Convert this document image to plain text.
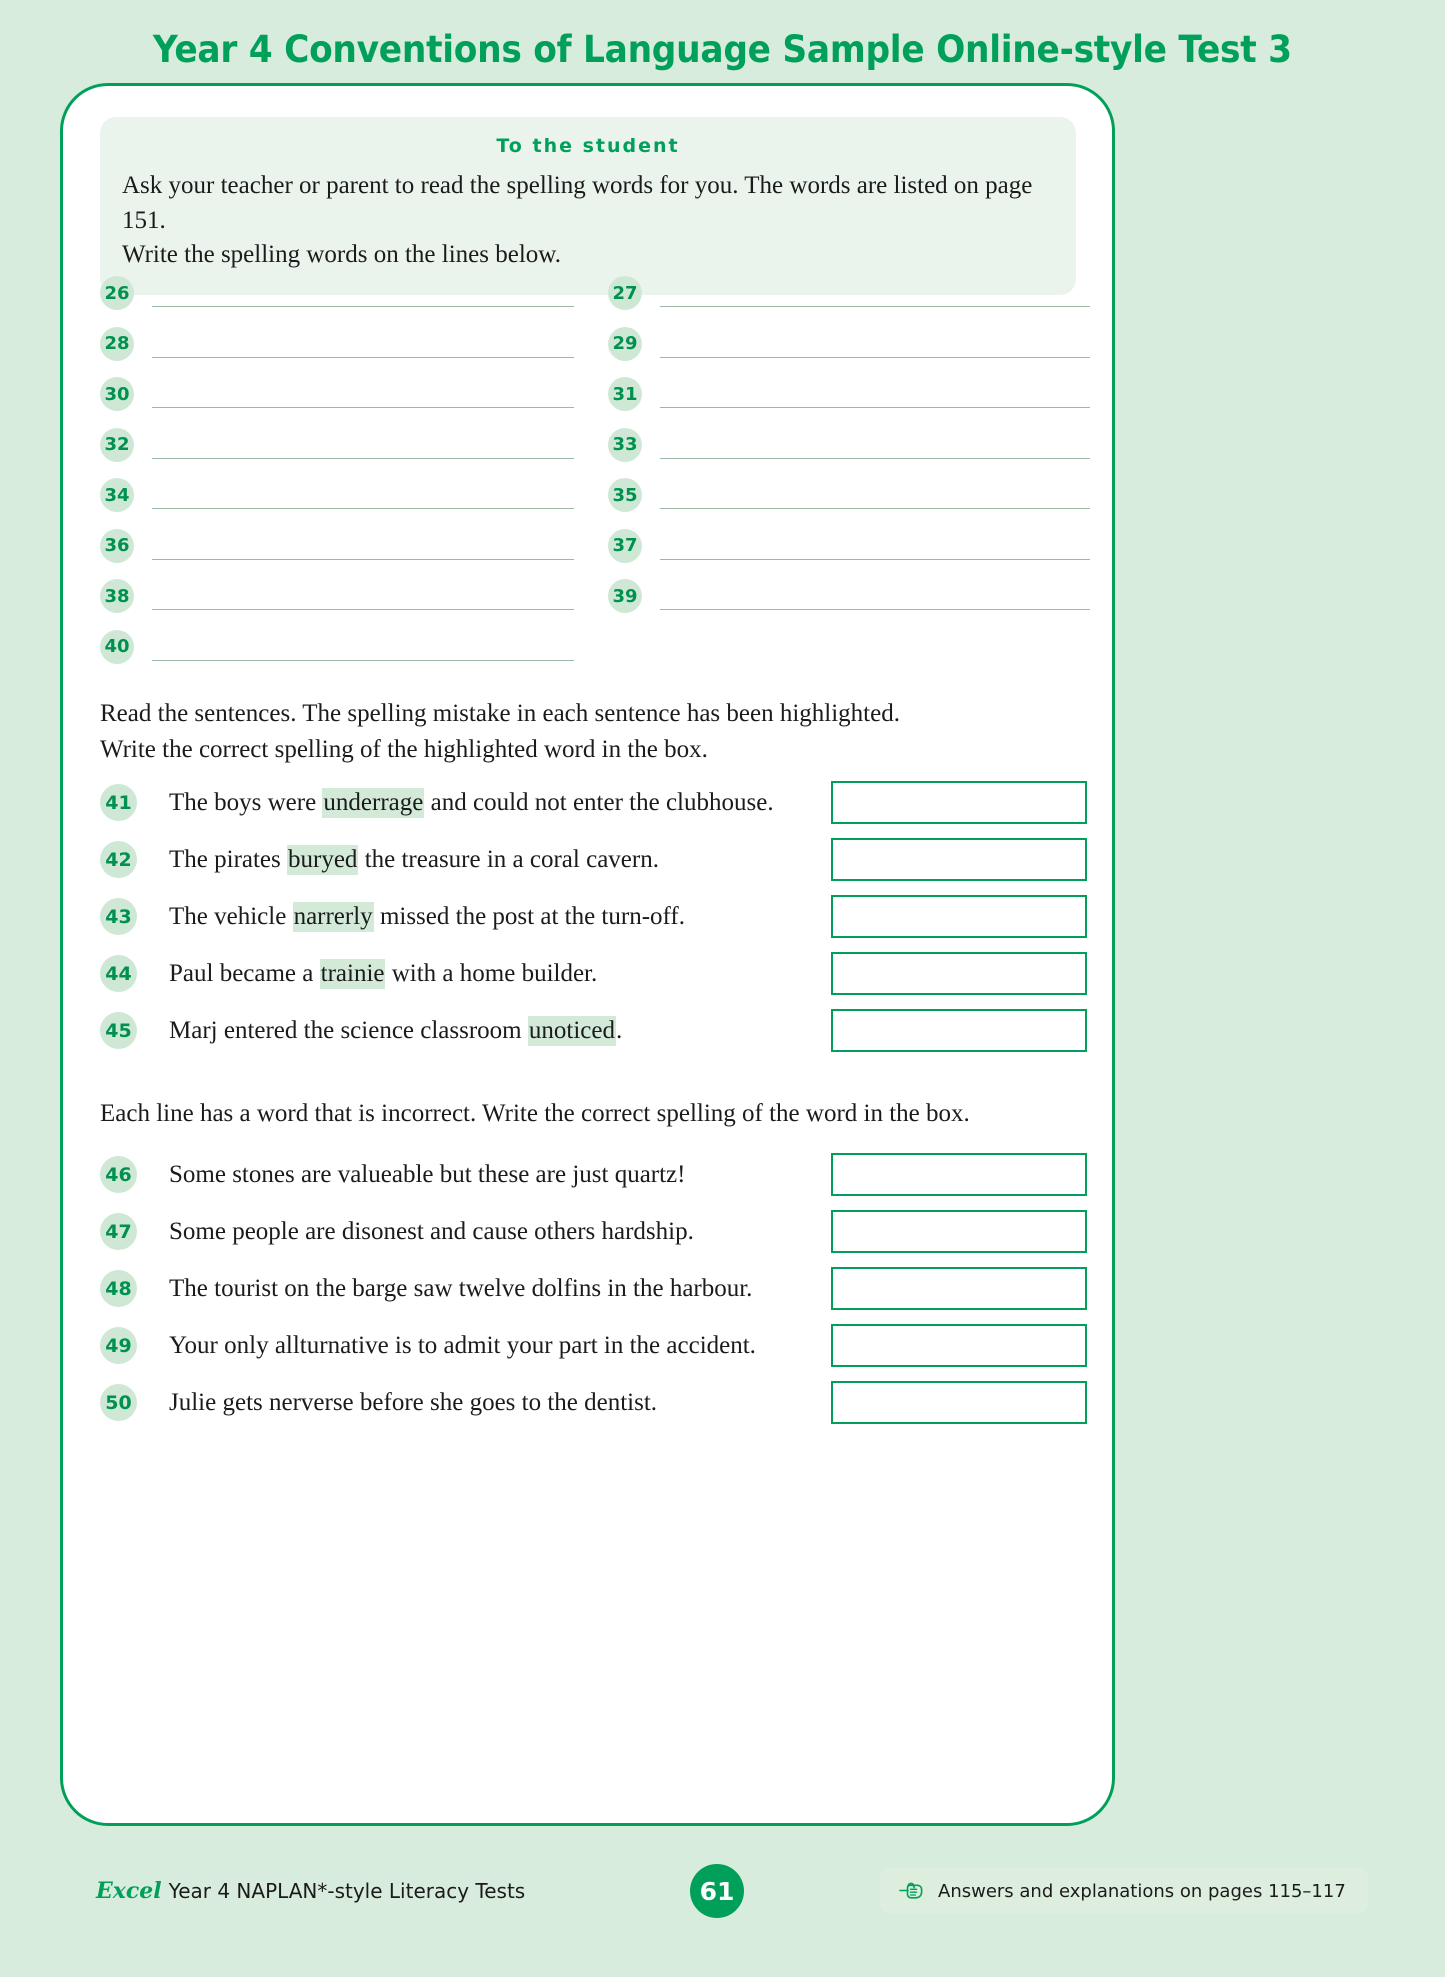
Year 4 Conventions of Language Sample Online-style Test 3
To the student
Ask your teacher or parent to read the spelling words for you. The words are listed on page 151.
Write the spelling words on the lines below.
26	27
28	29
30	31
32	33
34	35
36	37
38	39
40
Read the sentences. The spelling mistake in each sentence has been highlighted.
Write the correct spelling of the highlighted word in the box.
41 The boys were underrage and could not enter the clubhouse.
42 The pirates buryed the treasure in a coral cavern.
43 The vehicle narrerly missed the post at the turn-off.
44 Paul became a trainie with a home builder.
45 Marj entered the science classroom unoticed.
Each line has a word that is incorrect. Write the correct spelling of the word in the box.
46 Some stones are valueable but these are just quartz!
47 Some people are disonest and cause others hardship.
48 The tourist on the barge saw twelve dolfins in the harbour.
49 Your only allturnative is to admit your part in the accident.
50 Julie gets nerverse before she goes to the dentist.
Excel Year 4 NAPLAN*-style Literacy Tests	61	Answers and explanations on pages 115–117
